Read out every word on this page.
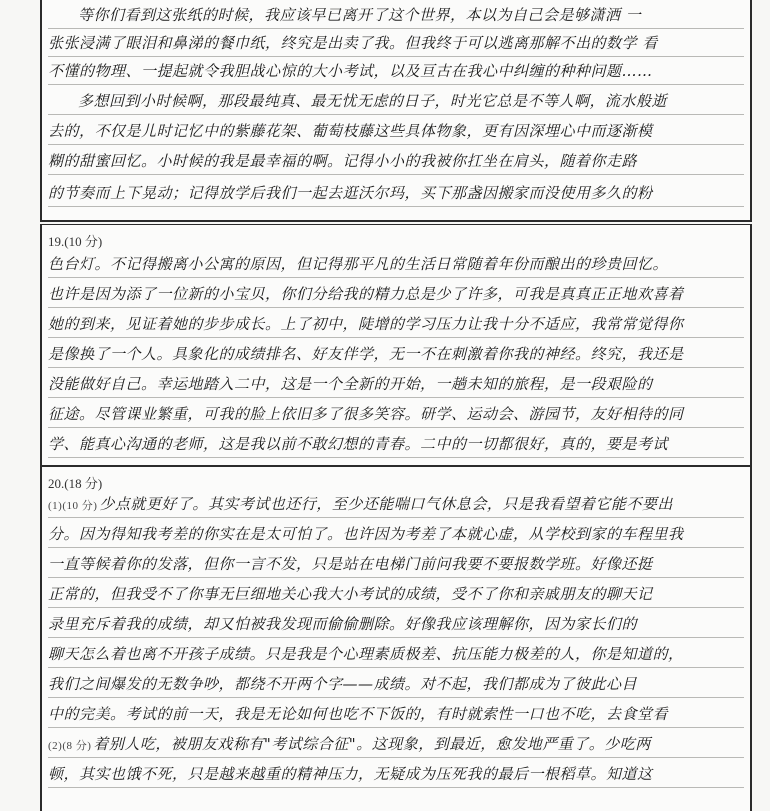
等你们看到这张纸的时候，我应该早已离开了这个世界，本以为自己会是够潇洒 一
张张浸满了眼泪和鼻涕的餐巾纸，终究是出卖了我。但我终于可以逃离那解不出的数学 看
不懂的物理、一提起就令我胆战心惊的大小考试，以及亘古在我心中纠缠的种种问题……
多想回到小时候啊，那段最纯真、最无忧无虑的日子，时光它总是不等人啊，流水般逝
去的，不仅是儿时记忆中的紫藤花架、葡萄枝藤这些具体物象，更有因深埋心中而逐渐模
糊的甜蜜回忆。小时候的我是最幸福的啊。记得小小的我被你扛坐在肩头，随着你走路
的节奏而上下晃动；记得放学后我们一起去逛沃尔玛，买下那盏因搬家而没使用多久的粉
19.(10 分)
色台灯。不记得搬离小公寓的原因，但记得那平凡的生活日常随着年份而酿出的珍贵回忆。
也许是因为添了一位新的小宝贝，你们分给我的精力总是少了许多，可我是真真正正地欢喜着
她的到来，见证着她的步步成长。上了初中，陡增的学习压力让我十分不适应，我常常觉得你
是像换了一个人。具象化的成绩排名、好友伴学，无一不在刺激着你我的神经。终究，我还是
没能做好自己。幸运地踏入二中，这是一个全新的开始，一趟未知的旅程，是一段艰险的
征途。尽管课业繁重，可我的脸上依旧多了很多笑容。研学、运动会、游园节，友好相待的同
学、能真心沟通的老师，这是我以前不敢幻想的青春。二中的一切都很好，真的，要是考试
20.(18 分)
(1)(10 分) 少点就更好了。其实考试也还行，至少还能喘口气休息会，只是我看望着它能不要出
分。因为得知我考差的你实在是太可怕了。也许因为考差了本就心虚，从学校到家的车程里我
一直等候着你的发落，但你一言不发，只是站在电梯门前问我要不要报数学班。好像还挺
正常的，但我受不了你事无巨细地关心我大小考试的成绩，受不了你和亲戚朋友的聊天记
录里充斥着我的成绩，却又怕被我发现而偷偷删除。好像我应该理解你，因为家长们的
聊天怎么着也离不开孩子成绩。只是我是个心理素质极差、抗压能力极差的人，你是知道的，
我们之间爆发的无数争吵，都绕不开两个字——成绩。对不起，我们都成为了彼此心目
中的完美。考试的前一天，我是无论如何也吃不下饭的，有时就索性一口也不吃，去食堂看
(2)(8 分) 着别人吃，被朋友戏称有"考试综合征"。这现象，到最近，愈发地严重了。少吃两
顿，其实也饿不死，只是越来越重的精神压力，无疑成为压死我的最后一根稻草。知道这
